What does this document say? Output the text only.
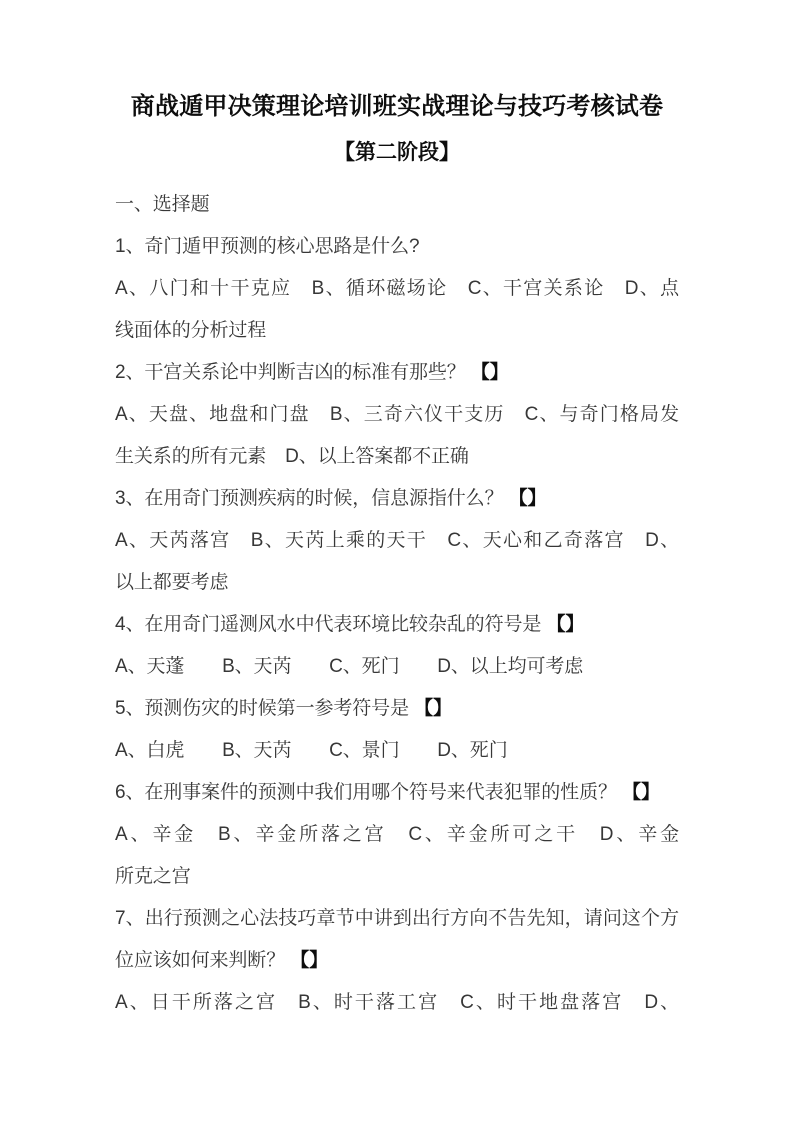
商战遁甲决策理论培训班实战理论与技巧考核试卷
【第二阶段】
一、选择题
1、奇门遁甲预测的核心思路是什么?
A、八门和十干克应　B、循环磁场论　C、干宫关系论　D、点
线面体的分析过程
2、干宫关系论中判断吉凶的标准有那些？ 【】
A、天盘、地盘和门盘　B、三奇六仪干支历　C、与奇门格局发
生关系的所有元素　D、以上答案都不正确
3、在用奇门预测疾病的时候，信息源指什么？ 【】
A、天芮落宫　B、天芮上乘的天干　C、天心和乙奇落宫　D、
以上都要考虑
4、在用奇门遥测风水中代表环境比较杂乱的符号是 【】
A、天蓬　　B、天芮　　C、死门　　D、以上均可考虑
5、预测伤灾的时候第一参考符号是 【】
A、白虎　　B、天芮　　C、景门　　D、死门
6、在刑事案件的预测中我们用哪个符号来代表犯罪的性质？ 【】
A、辛金　B、辛金所落之宫　C、辛金所可之干　D、辛金
所克之宫
7、出行预测之心法技巧章节中讲到出行方向不告先知，请问这个方
位应该如何来判断？ 【】
A、日干所落之宫　B、时干落工宫　C、时干地盘落宫　D、
